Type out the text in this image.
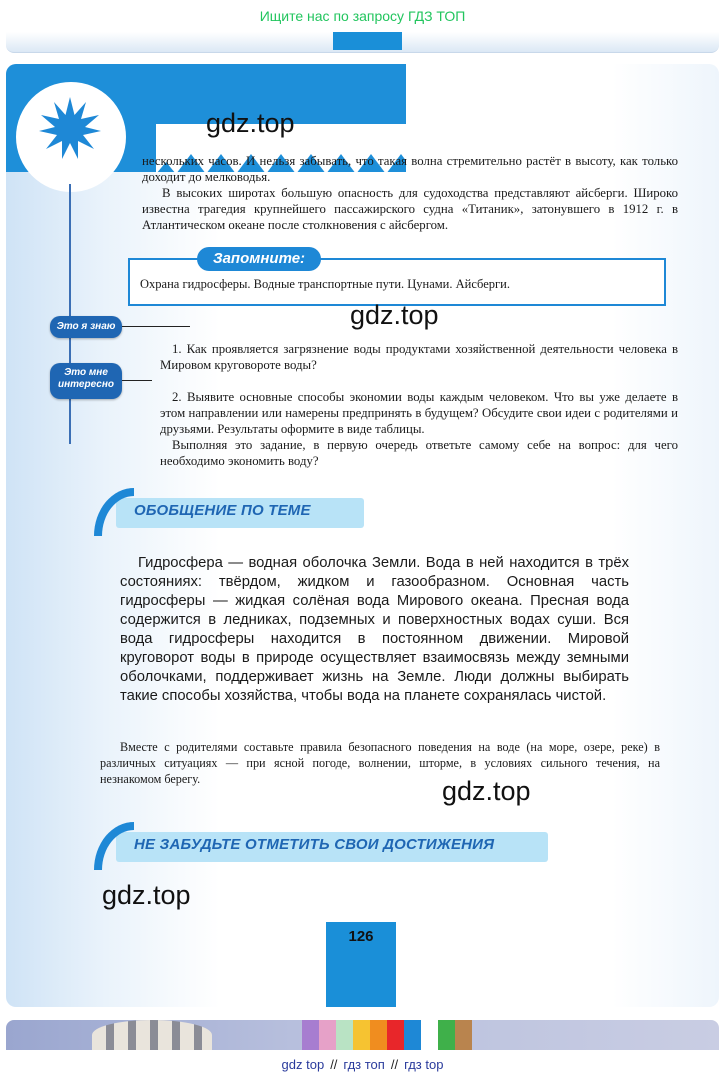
Ищите нас по запросу ГДЗ ТОП

нескольких часов. И нельзя забывать, что такая волна стремительно растёт в высоту, как только доходит до мелководья.

В высоких широтах большую опасность для судоходства представляют айсберги. Широко известна трагедия крупнейшего пассажирского судна «Титаник», затонувшего в 1912 г. в Атлантическом океане после столкновения с айсбергом.

Запомните:
Охрана гидросферы. Водные транспортные пути. Цунами. Айсберги.
Это я знаю
Это мне
интересно

1. Как проявляется загрязнение воды продуктами хозяйственной деятельности человека в Мировом круговороте воды?

2. Выявите основные способы экономии воды каждым человеком. Что вы уже делаете в этом направлении или намерены предпринять в будущем? Обсудите свои идеи с родителями и друзьями. Результаты оформите в виде таблицы.

Выполняя это задание, в первую очередь ответьте самому себе на вопрос: для чего необходимо экономить воду?

ОБОБЩЕНИЕ ПО ТЕМЕ

Гидросфера — водная оболочка Земли. Вода в ней находится в трёх состояниях: твёрдом, жидком и газообразном. Основная часть гидросферы — жидкая солёная вода Мирового океана. Пресная вода содержится в ледниках, подземных и поверхностных водах суши. Вся вода гидросферы находится в постоянном движении. Мировой круговорот воды в природе осуществляет взаимосвязь между земными оболочками, поддерживает жизнь на Земле. Люди должны выбирать такие способы хозяйства, чтобы вода на планете сохранялась чистой.

Вместе с родителями составьте правила безопасного поведения на воде (на море, озере, реке) в различных ситуациях — при ясной погоде, волнении, шторме, в условиях сильного течения, на незнакомом берегу.

НЕ ЗАБУДЬТЕ ОТМЕТИТЬ СВОИ ДОСТИЖЕНИЯ
126
gdz.top
gdz.top
gdz.top
gdz.top
gdz top // гдз топ // гдз top
